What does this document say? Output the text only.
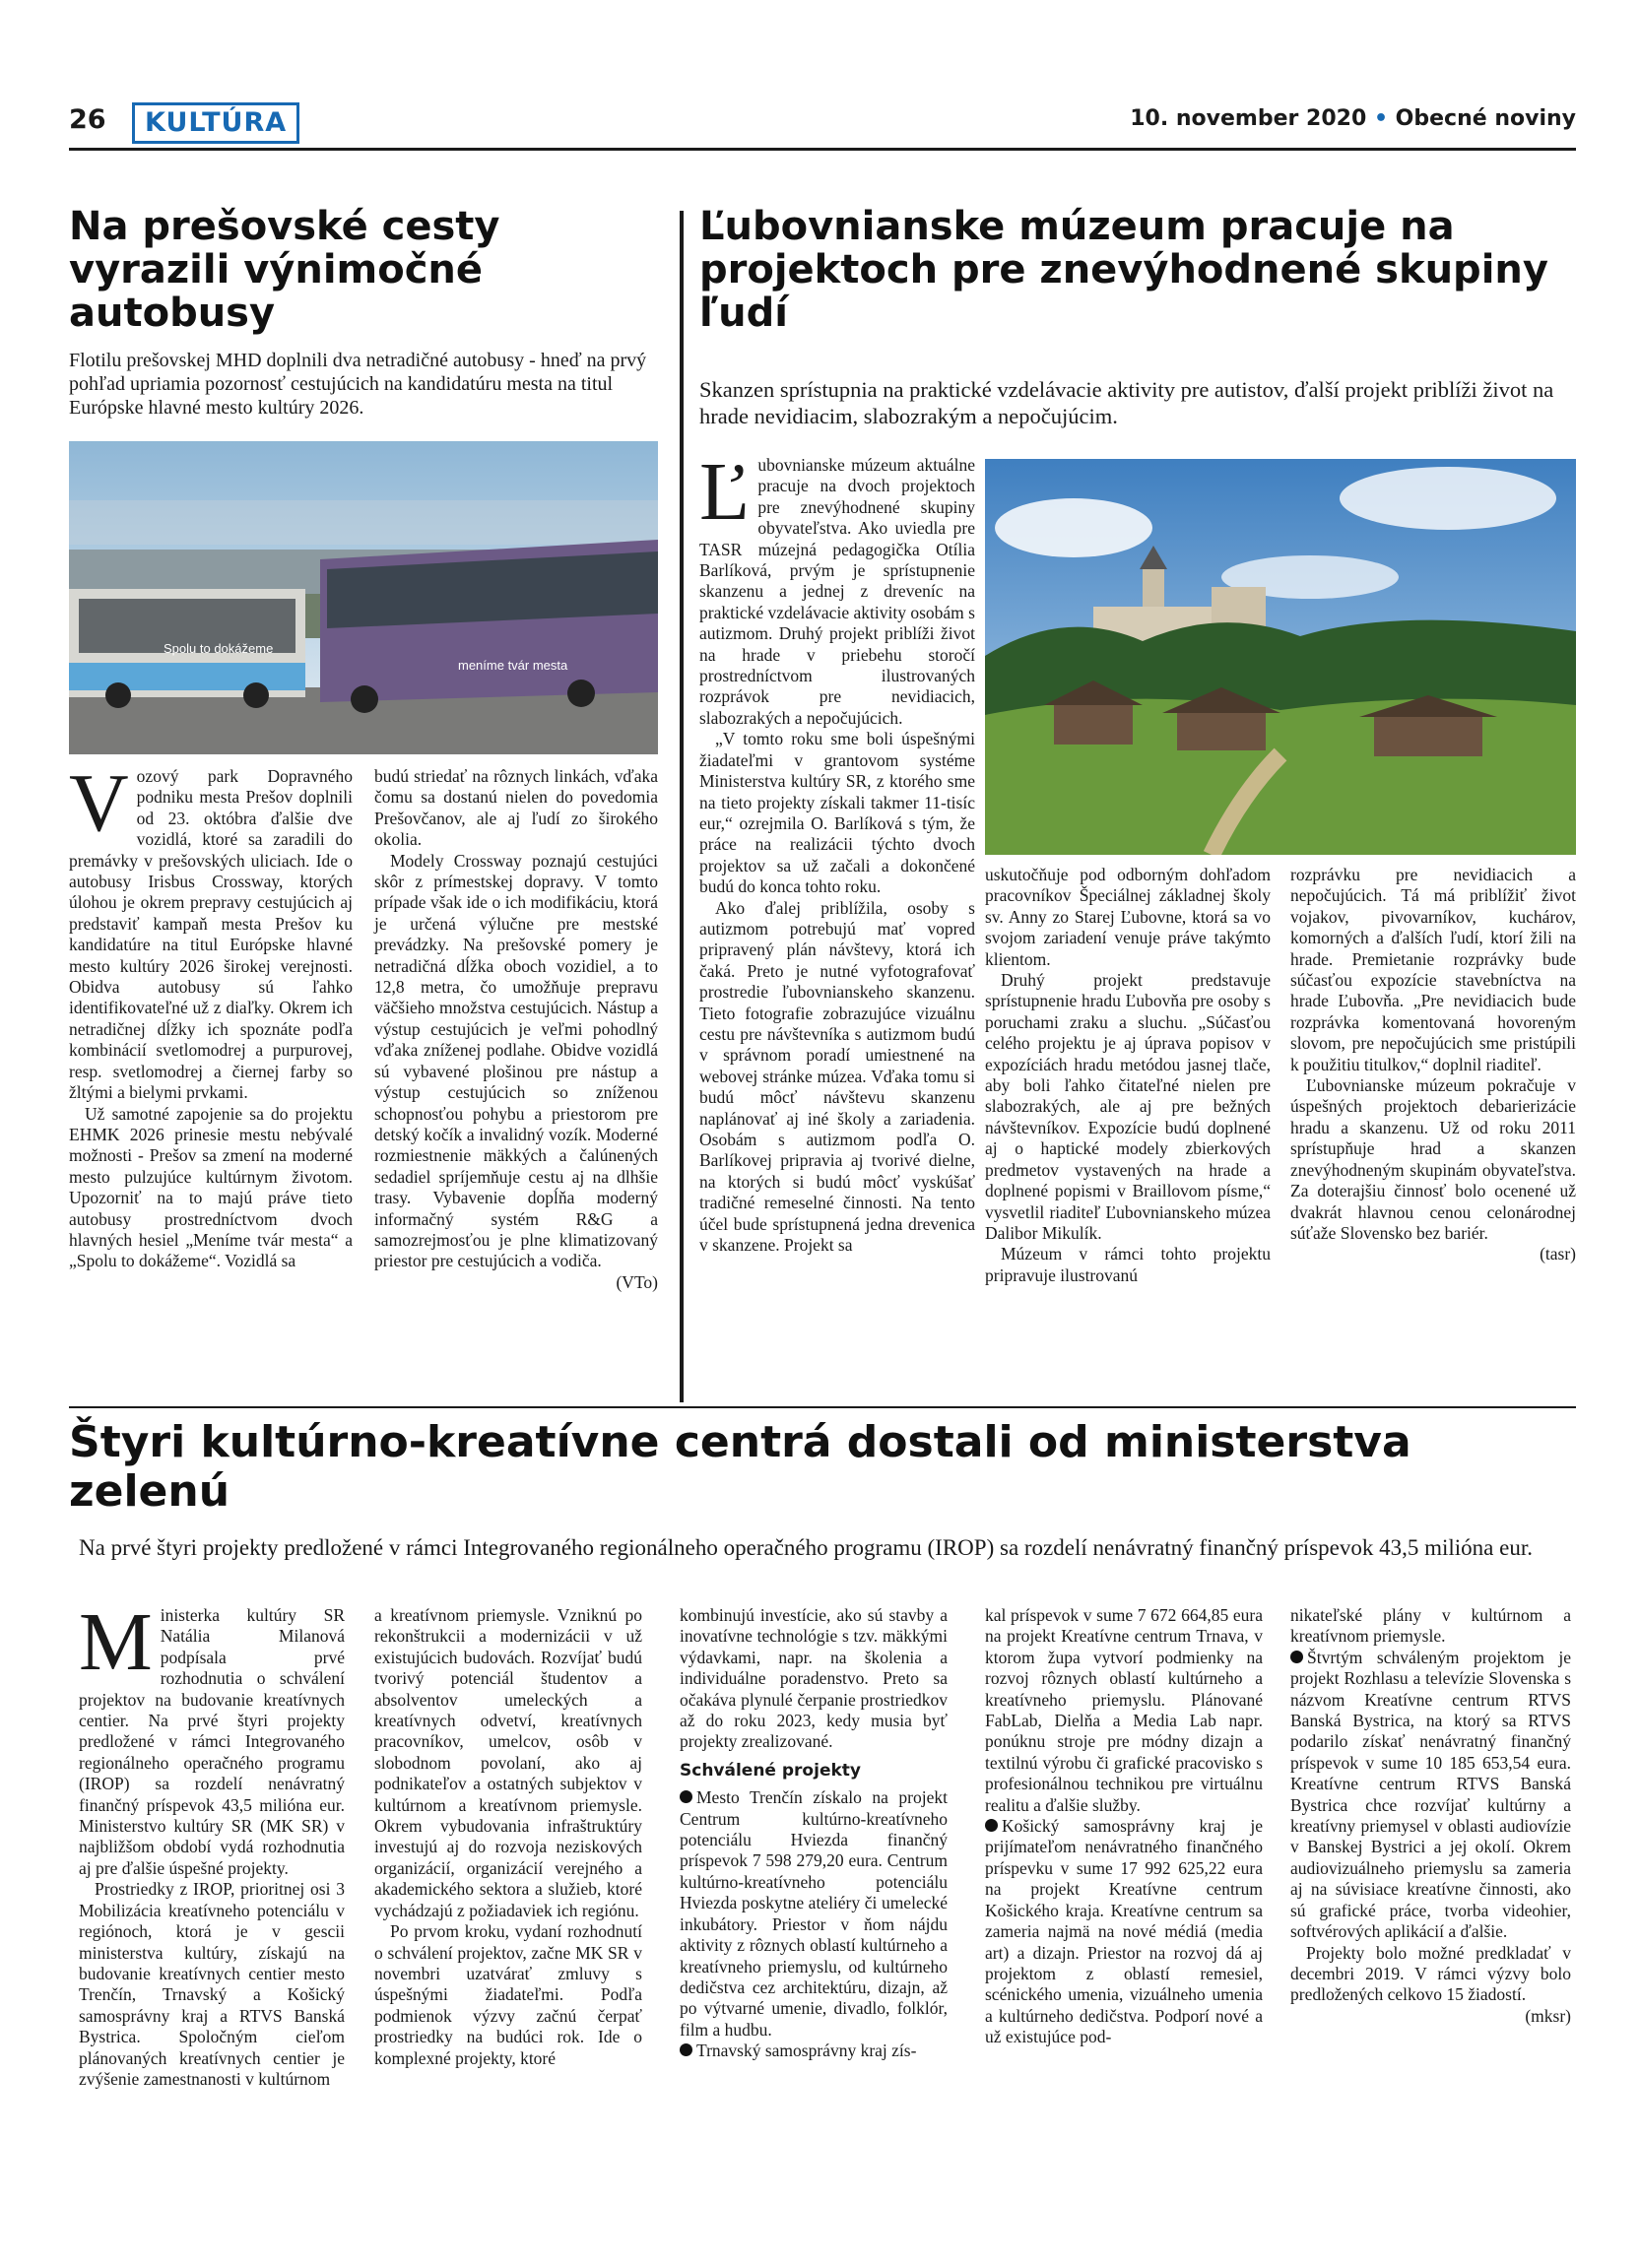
26	KULTÚRA	10. november 2020 • Obecné noviny
Na prešovské cesty vyrazili výnimočné autobusy

Flotilu prešovskej MHD doplnili dva netradičné autobusy - hneď na prvý pohľad upriamia pozornosť cestujúcich na kandidatúru mesta na titul Európske hlavné mesto kultúry 2026.

Spolu to dokážeme
meníme tvár mesta

Vozový park Dopravného podniku mesta Prešov doplnili od 23. októbra ďalšie dve vozidlá, ktoré sa zaradili do premávky v prešovských uliciach. Ide o autobusy Irisbus Crossway, ktorých úlohou je okrem prepravy cestujúcich aj predstaviť kampaň mesta Prešov ku kandidatúre na titul Európske hlavné mesto kultúry 2026 širokej verejnosti. Obidva autobusy sú ľahko identifikovateľné už z diaľky. Okrem ich netradičnej dĺžky ich spoznáte podľa kombinácií svetlomodrej a purpurovej, resp. svetlomodrej a čiernej farby so žltými a bielymi prvkami.

Už samotné zapojenie sa do projektu EHMK 2026 prinesie mestu nebývalé možnosti - Prešov sa zmení na moderné mesto pulzujúce kultúrnym životom. Upozorniť na to majú práve tieto autobusy prostredníctvom dvoch hlavných hesiel „Meníme tvár mesta“ a „Spolu to dokážeme“. Vozidlá sa

budú striedať na rôznych linkách, vďaka čomu sa dostanú nielen do povedomia Prešovčanov, ale aj ľudí zo širokého okolia.

Modely Crossway poznajú cestujúci skôr z prímestskej dopravy. V tomto prípade však ide o ich modifikáciu, ktorá je určená výlučne pre mestské prevádzky. Na prešovské pomery je netradičná dĺžka oboch vozidiel, a to 12,8 metra, čo umožňuje prepravu väčšieho množstva cestujúcich. Nástup a výstup cestujúcich je veľmi pohodlný vďaka zníženej podlahe. Obidve vozidlá sú vybavené plošinou pre nástup a výstup cestujúcich so zníženou schopnosťou pohybu a priestorom pre detský kočík a invalidný vozík. Moderné rozmiestnenie mäkkých a čalúnených sedadiel spríjemňuje cestu aj na dlhšie trasy. Vybavenie dopĺňa moderný informačný systém R&G a samozrejmosťou je plne klimatizovaný priestor pre cestujúcich a vodiča.

(VTo)

Ľubovnianske múzeum pracuje na projektoch pre znevýhodnené skupiny ľudí

Skanzen sprístupnia na praktické vzdelávacie aktivity pre autistov, ďalší projekt priblíži život na hrade nevidiacim, slabozrakým a nepočujúcim.

Ľubovnianske múzeum aktuálne pracuje na dvoch projektoch pre znevýhodnené skupiny obyvateľstva. Ako uviedla pre TASR múzejná pedagogička Otília Barlíková, prvým je sprístupnenie skanzenu a jednej z dreveníc na praktické vzdelávacie aktivity osobám s autizmom. Druhý projekt priblíži život na hrade v priebehu storočí prostredníctvom ilustrovaných rozprávok pre nevidiacich, slabozrakých a nepočujúcich.

„V tomto roku sme boli úspešnými žiadateľmi v grantovom systéme Ministerstva kultúry SR, z ktorého sme na tieto projekty získali takmer 11-tisíc eur,“ ozrejmila O. Barlíková s tým, že práce na realizácii týchto dvoch projektov sa už začali a dokončené budú do konca tohto roku.

Ako ďalej priblížila, osoby s autizmom potrebujú mať vopred pripravený plán návštevy, ktorá ich čaká. Preto je nutné vyfotografovať prostredie ľubovnianskeho skanzenu. Tieto fotografie zobrazujúce vizuálnu cestu pre návštevníka s autizmom budú v správnom poradí umiestnené na webovej stránke múzea. Vďaka tomu si budú môcť návštevu skanzenu naplánovať aj iné školy a zariadenia. Osobám s autizmom podľa O. Barlíkovej pripravia aj tvorivé dielne, na ktorých si budú môcť vyskúšať tradičné remeselné činnosti. Na tento účel bude sprístupnená jedna drevenica v skanzene. Projekt sa

uskutočňuje pod odborným dohľadom pracovníkov Špeciálnej základnej školy sv. Anny zo Starej Ľubovne, ktorá sa vo svojom zariadení venuje práve takýmto klientom.

Druhý projekt predstavuje sprístupnenie hradu Ľubovňa pre osoby s poruchami zraku a sluchu. „Súčasťou celého projektu je aj úprava popisov v expozíciách hradu metódou jasnej tlače, aby boli ľahko čitateľné nielen pre slabozrakých, ale aj pre bežných návštevníkov. Expozície budú doplnené aj o haptické modely zbierkových predmetov vystavených na hrade a doplnené popismi v Braillovom písme,“ vysvetlil riaditeľ Ľubovnianskeho múzea Dalibor Mikulík.

Múzeum v rámci tohto projektu pripravuje ilustrovanú

rozprávku pre nevidiacich a nepočujúcich. Tá má priblížiť život vojakov, pivovarníkov, kuchárov, komorných a ďalších ľudí, ktorí žili na hrade. Premietanie rozprávky bude súčasťou expozície stavebníctva na hrade Ľubovňa. „Pre nevidiacich bude rozprávka komentovaná hovoreným slovom, pre nepočujúcich sme pristúpili k použitiu titulkov,“ doplnil riaditeľ.

Ľubovnianske múzeum pokračuje v úspešných projektoch debarierizácie hradu a skanzenu. Už od roku 2011 sprístupňuje hrad a skanzen znevýhodneným skupinám obyvateľstva. Za doterajšiu činnosť bolo ocenené už dvakrát hlavnou cenou celonárodnej súťaže Slovensko bez bariér.

(tasr)

Štyri kultúrno-kreatívne centrá dostali od ministerstva zelenú

Na prvé štyri projekty predložené v rámci Integrovaného regionálneho operačného programu (IROP) sa rozdelí nenávratný finančný príspevok 43,5 milióna eur.

Ministerka kultúry SR Natália Milanová podpísala prvé rozhodnutia o schválení projektov na budovanie kreatívnych centier. Na prvé štyri projekty predložené v rámci Integrovaného regionálneho operačného programu (IROP) sa rozdelí nenávratný finančný príspevok 43,5 milióna eur. Ministerstvo kultúry SR (MK SR) v najbližšom období vydá rozhodnutia aj pre ďalšie úspešné projekty.

Prostriedky z IROP, prioritnej osi 3 Mobilizácia kreatívneho potenciálu v regiónoch, ktorá je v gescii ministerstva kultúry, získajú na budovanie kreatívnych centier mesto Trenčín, Trnavský a Košický samosprávny kraj a RTVS Banská Bystrica. Spoločným cieľom plánovaných kreatívnych centier je zvýšenie zamestnanosti v kultúrnom

a kreatívnom priemysle. Vzniknú po rekonštrukcii a modernizácii v už existujúcich budovách. Rozvíjať budú tvorivý potenciál študentov a absolventov umeleckých a kreatívnych odvetví, kreatívnych pracovníkov, umelcov, osôb v slobodnom povolaní, ako aj podnikateľov a ostatných subjektov v kultúrnom a kreatívnom priemysle. Okrem vybudovania infraštruktúry investujú aj do rozvoja neziskových organizácií, organizácií verejného a akademického sektora a služieb, ktoré vychádzajú z požiadaviek ich regiónu.

Po prvom kroku, vydaní rozhodnutí o schválení projektov, začne MK SR v novembri uzatvárať zmluvy s úspešnými žiadateľmi. Podľa podmienok výzvy začnú čerpať prostriedky na budúci rok. Ide o komplexné projekty, ktoré

kombinujú investície, ako sú stavby a inovatívne technológie s tzv. mäkkými výdavkami, napr. na školenia a individuálne poradenstvo. Preto sa očakáva plynulé čerpanie prostriedkov až do roku 2023, kedy musia byť projekty zrealizované.

Schválené projekty

Mesto Trenčín získalo na projekt Centrum kultúrno-kreatívneho potenciálu Hviezda finančný príspevok 7 598 279,20 eura. Centrum kultúrno-kreatívneho potenciálu Hviezda poskytne ateliéry či umelecké inkubátory. Priestor v ňom nájdu aktivity z rôznych oblastí kultúrneho a kreatívneho priemyslu, od kultúrneho dedičstva cez architektúru, dizajn, až po výtvarné umenie, divadlo, folklór, film a hudbu.

Trnavský samosprávny kraj zís-

kal príspevok v sume 7 672 664,85 eura na projekt Kreatívne centrum Trnava, v ktorom župa vytvorí podmienky na rozvoj rôznych oblastí kultúrneho a kreatívneho priemyslu. Plánované FabLab, Dielňa a Media Lab napr. ponúknu stroje pre módny dizajn a textilnú výrobu či grafické pracovisko s profesionálnou technikou pre virtuálnu realitu a ďalšie služby.

Košický samosprávny kraj je prijímateľom nenávratného finančného príspevku v sume 17 992 625,22 eura na projekt Kreatívne centrum Košického kraja. Kreatívne centrum sa zameria najmä na nové médiá (media art) a dizajn. Priestor na rozvoj dá aj projektom z oblastí remesiel, scénického umenia, vizuálneho umenia a kultúrneho dedičstva. Podporí nové a už existujúce pod-

nikateľské plány v kultúrnom a kreatívnom priemysle.

Štvrtým schváleným projektom je projekt Rozhlasu a televízie Slovenska s názvom Kreatívne centrum RTVS Banská Bystrica, na ktorý sa RTVS podarilo získať nenávratný finančný príspevok v sume 10 185 653,54 eura. Kreatívne centrum RTVS Banská Bystrica chce rozvíjať kultúrny a kreatívny priemysel v oblasti audiovízie v Banskej Bystrici a jej okolí. Okrem audiovizuálneho priemyslu sa zameria aj na súvisiace kreatívne činnosti, ako sú grafické práce, tvorba videohier, softvérových aplikácií a ďalšie.

Projekty bolo možné predkladať v decembri 2019. V rámci výzvy bolo predložených celkovo 15 žiadostí.

(mksr)
